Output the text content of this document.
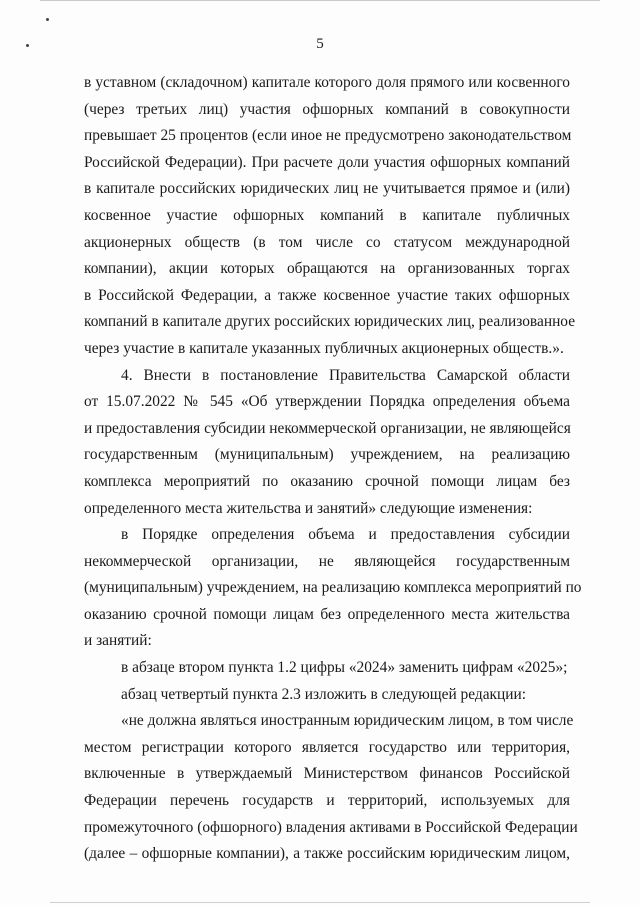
5
в уставном (складочном) капитале которого доля прямого или косвенного
(через третьих лиц) участия офшорных компаний в совокупности
превышает 25 процентов (если иное не предусмотрено законодательством
Российской Федерации). При расчете доли участия офшорных компаний
в капитале российских юридических лиц не учитывается прямое и (или)
косвенное участие офшорных компаний в капитале публичных
акционерных обществ (в том числе со статусом международной
компании), акции которых обращаются на организованных торгах
в Российской Федерации, а также косвенное участие таких офшорных
компаний в капитале других российских юридических лиц, реализованное
через участие в капитале указанных публичных акционерных обществ.».
4. Внести в постановление Правительства Самарской области
от 15.07.2022 № 545 «Об утверждении Порядка определения объема
и предоставления субсидии некоммерческой организации, не являющейся
государственным (муниципальным) учреждением, на реализацию
комплекса мероприятий по оказанию срочной помощи лицам без
определенного места жительства и занятий» следующие изменения:
в Порядке определения объема и предоставления субсидии
некоммерческой организации, не являющейся государственным
(муниципальным) учреждением, на реализацию комплекса мероприятий по
оказанию срочной помощи лицам без определенного места жительства
и занятий:
в абзаце втором пункта 1.2 цифры «2024» заменить цифрам «2025»;
абзац четвертый пункта 2.3 изложить в следующей редакции:
«не должна являться иностранным юридическим лицом, в том числе
местом регистрации которого является государство или территория,
включенные в утверждаемый Министерством финансов Российской
Федерации перечень государств и территорий, используемых для
промежуточного (офшорного) владения активами в Российской Федерации
(далее – офшорные компании), а также российским юридическим лицом,
